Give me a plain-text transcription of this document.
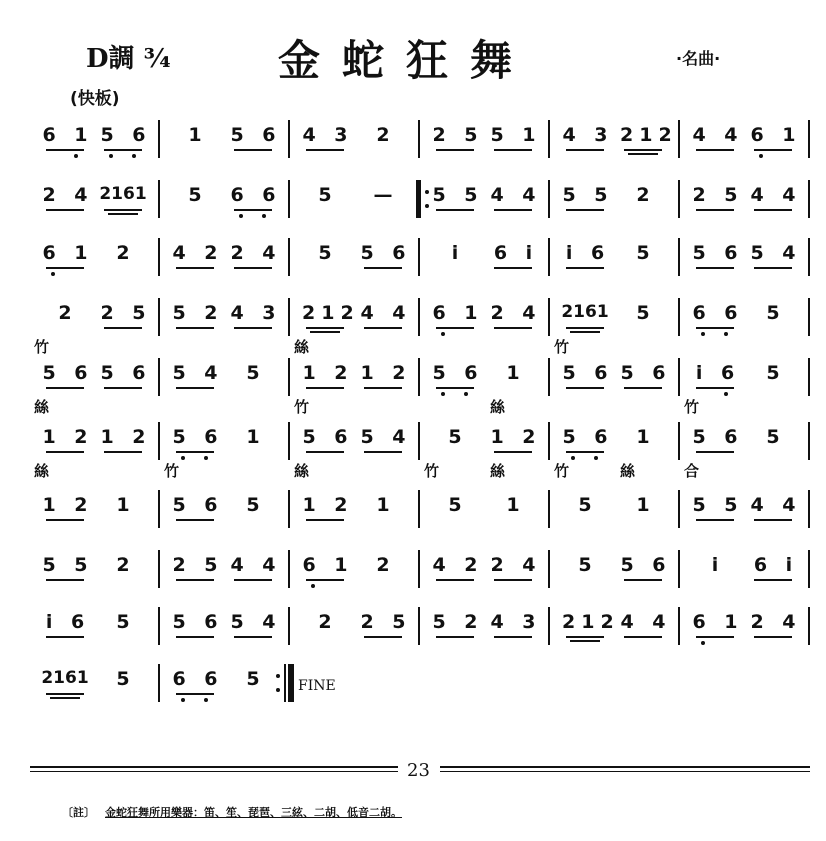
D調 ¾	金蛇狂舞	·名曲·
(快板)
6 1 5 6	1	5 6	4 3	2	2 5 5 1	4 3 212 4 4 6 1
2 4 2161	5	6 6	5	—	5 5 4 4	5 5	2	2 5 4 4
6 1	2	4 2 2 4	5	5 6	i	6 i	i 6	5	5 6 5 4
2	2 5	5 2 4 3	212 4 4	6 1 2 4	2161	5	6 6	5
5 6 5 6	5 4	5	1 2 1 2	5 6	1	5 6 5 6	i 6	5
1 2 1 2	5 6	1	5 6 5 4	5	1 2	5 6	1	5 6	5
1 2	1	5 6	5	1 2	1	5	1	5	1	5 5 4 4
5 5	2	2 5 4 4	6 1	2	4 2 2 4	5	5 6	i	6 i
i 6	5	5 6 5 4	2	2 5	5 2 4 3	212 4 4	6 1 2 4
2161	5	6 6	5
竹	絲	竹
絲	竹	絲	竹
絲	竹	絲	竹	絲	竹	絲	合
FINE
23
〔註〕 金蛇狂舞所用樂器：笛、笙、琵琶、三絃、二胡、低音二胡。
